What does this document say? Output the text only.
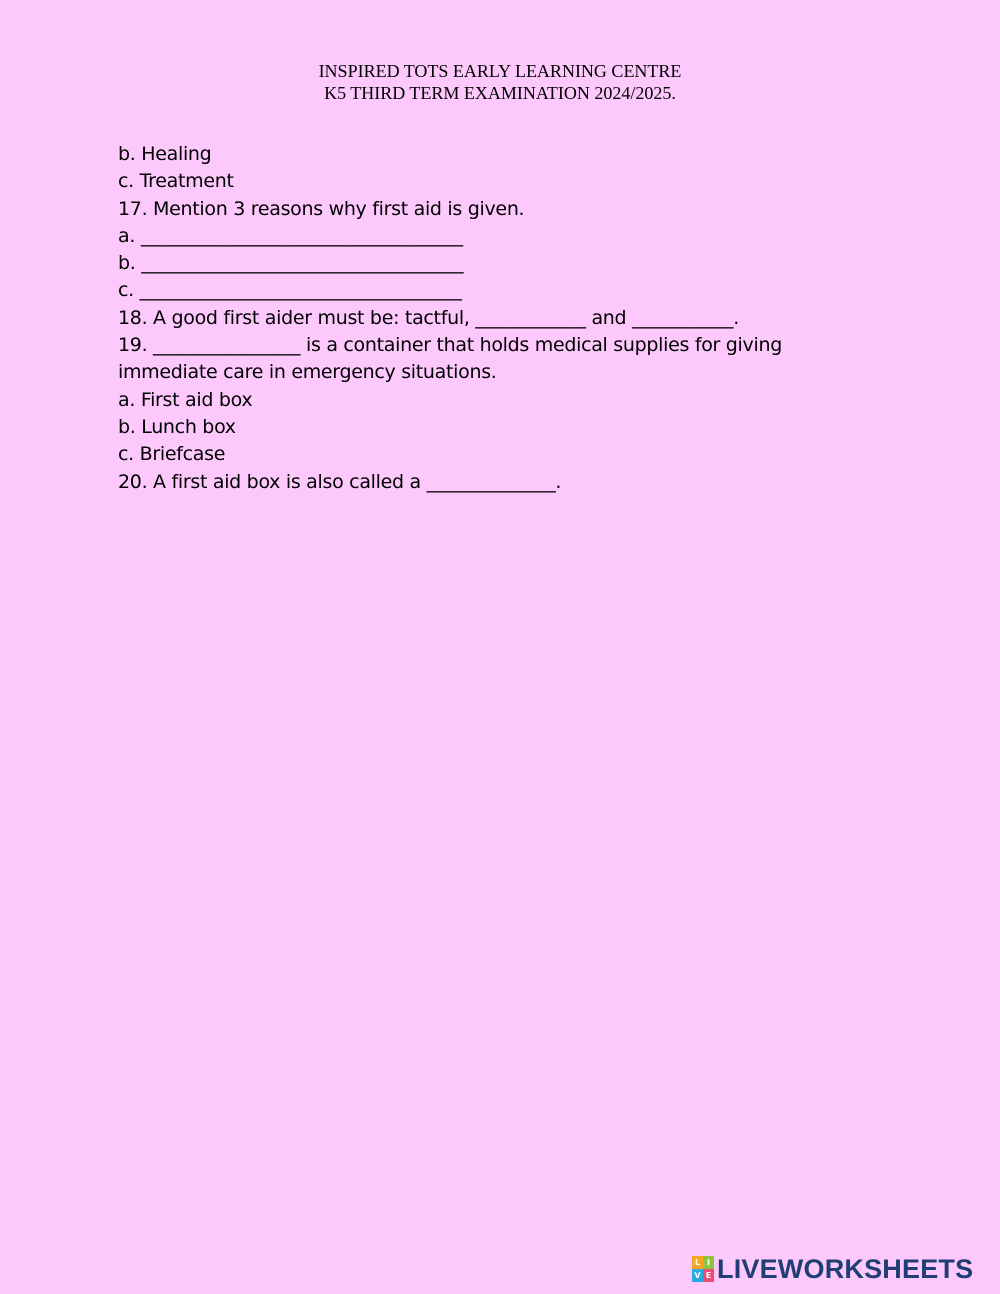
INSPIRED TOTS EARLY LEARNING CENTRE
K5 THIRD TERM EXAMINATION 2024/2025.

b. Healing

c. Treatment

17. Mention 3 reasons why first aid is given.

a. ___________________________________

b. ___________________________________

c. ___________________________________

18. A good first aider must be: tactful, ____________ and ___________.

19. ________________ is a container that holds medical supplies for giving

immediate care in emergency situations.

a. First aid box

b. Lunch box

c. Briefcase

20. A first aid box is also called a ______________.

L I
V E LIVEWORKSHEETS
